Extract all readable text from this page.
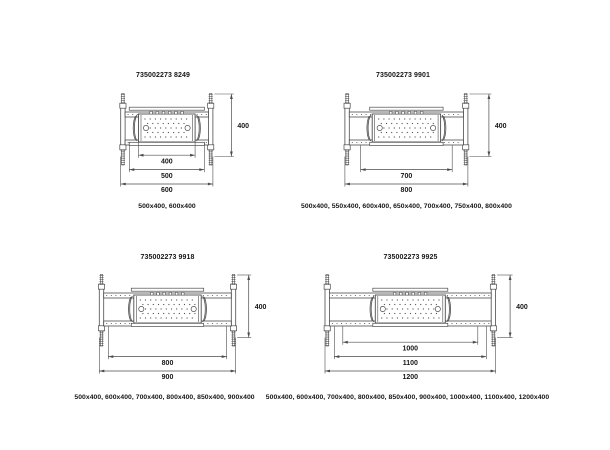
400
500
600
400
700
800
400
800
900
400
1000
1100
1200
400
735002273 8249	735002273 9901
735002273 9918	735002273 9925
500x400, 600x400	500x400, 550x400, 600x400, 650x400, 700x400, 750x400, 800x400
500x400, 600x400, 700x400, 800x400, 850x400, 900x400 500x400, 600x400, 700x400, 800x400, 850x400, 900x400, 1000x400, 1100x400, 1200x400
